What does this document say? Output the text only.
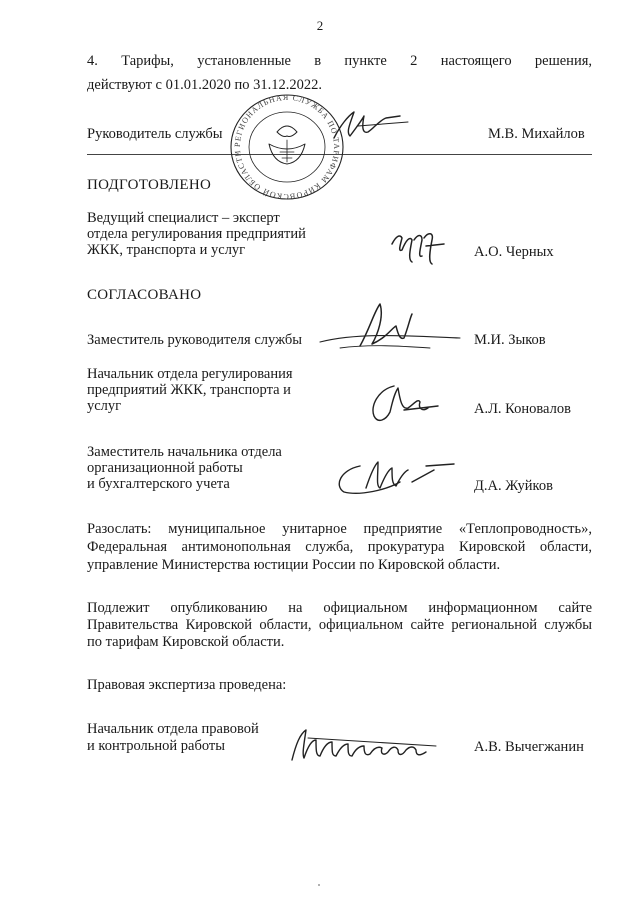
2
4. Тарифы, установленные в пункте 2 настоящего решения,
действуют с 01.01.2020 по 31.12.2022.
Руководитель службы	М.В. Михайлов
РЕГИОНАЛЬНАЯ СЛУЖБА ПО ТАРИФАМ КИРОВСКОЙ ОБЛАСТИ
ПОДГОТОВЛЕНО
Ведущий специалист – эксперт
отдела регулирования предприятий
ЖКК, транспорта и услуг	А.О. Черных
СОГЛАСОВАНО
Заместитель руководителя службы	М.И. Зыков
Начальник отдела регулирования
предприятий ЖКК, транспорта и
услуг	А.Л. Коновалов
Заместитель начальника отдела
организационной работы
и бухгалтерского учета	Д.А. Жуйков
Разослать: муниципальное унитарное предприятие «Теплопроводность»,
Федеральная антимонопольная служба, прокуратура Кировской области,
управление Министерства юстиции России по Кировской области.
Подлежит опубликованию на официальном информационном сайте
Правительства Кировской области, официальном сайте региональной службы
по тарифам Кировской области.
Правовая экспертиза проведена:
Начальник отдела правовой
и контрольной работы	А.В. Вычегжанин
